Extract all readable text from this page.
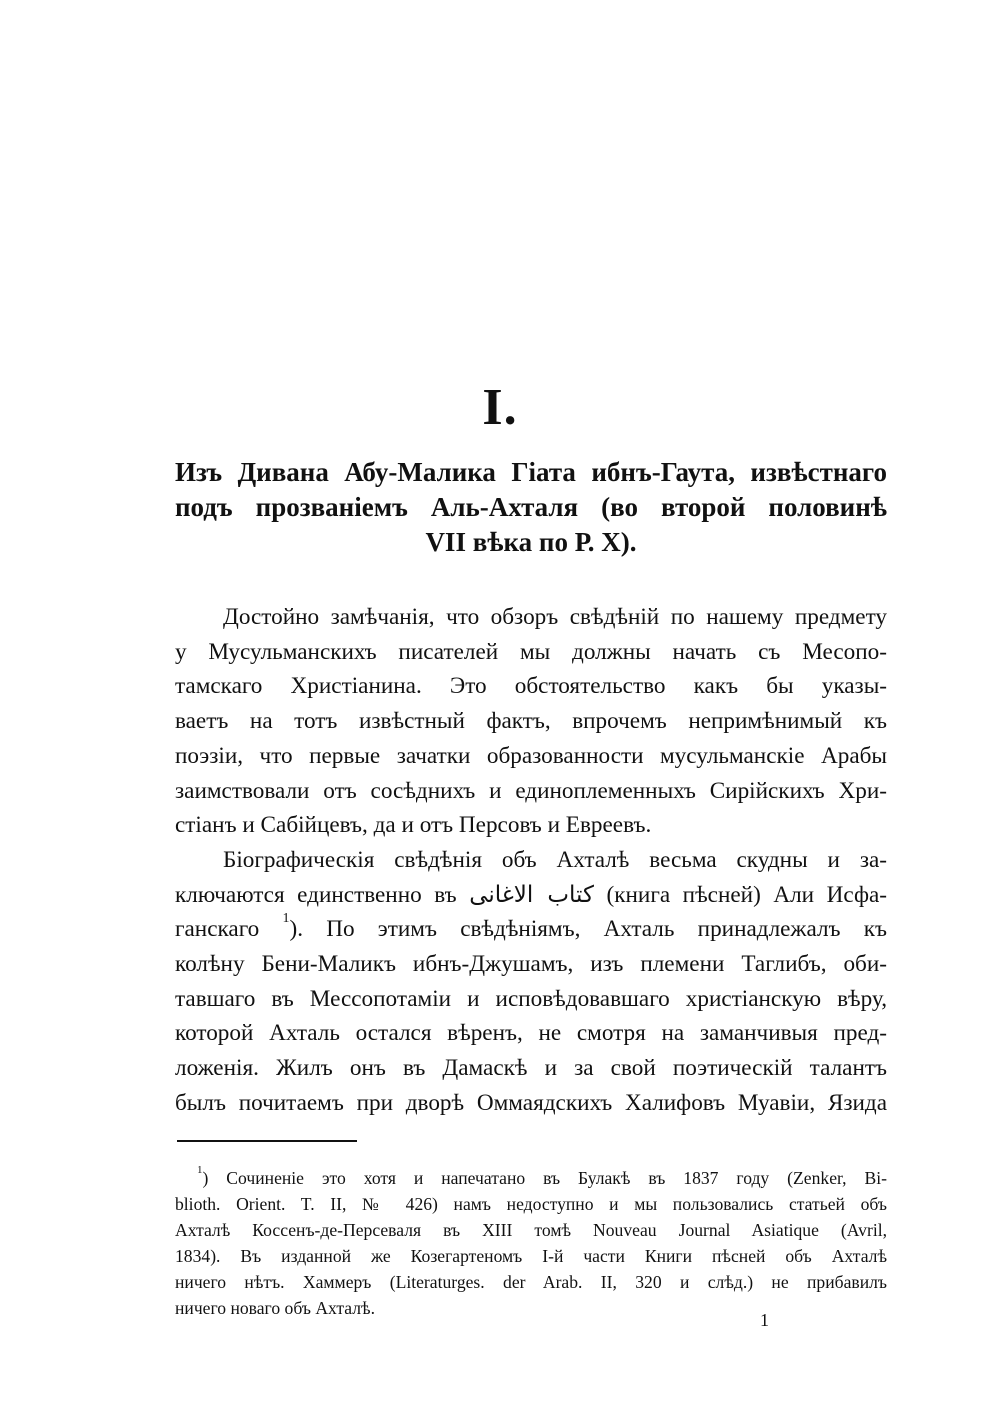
I.
Изъ Дивана Абу-Малика Гіата ибнъ-Гаута, извѣстнаго
подъ прозваніемъ Аль-Ахталя (во второй половинѣ
VII вѣка по Р. X).
Достойно замѣчанія, что обзоръ свѣдѣній по нашему предмету
у Мусульманскихъ писателей мы должны начать съ Месопо-
тамскаго Христіанина. Это обстоятельство какъ бы указы-
ваетъ на тотъ извѣстный фактъ, впрочемъ непримѣнимый къ
поэзіи, что первые зачатки образованности мусульманскіе Арабы
заимствовали отъ сосѣднихъ и единоплеменныхъ Сирійскихъ Хри-
стіанъ и Сабійцевъ, да и отъ Персовъ и Евреевъ.
Біографическія свѣдѣнія объ Ахталѣ весьма скудны и за-
ключаются единственно въ كتاب الاغانى (книга пѣсней) Али Исфа-
ганскаго $^1$). По этимъ свѣдѣніямъ, Ахталь принадлежалъ къ
колѣну Бени-Маликъ ибнъ-Джушамъ, изъ племени Таглибъ, оби-
тавшаго въ Мессопотаміи и исповѣдовавшаго христіанскую вѣру,
которой Ахталь остался вѣренъ, не смотря на заманчивыя пред-
ложенія. Жилъ онъ въ Дамаскѣ и за свой поэтическій талантъ
былъ почитаемъ при дворѣ Оммаядскихъ Халифовъ Муавіи, Язида
$^1$) Сочиненіе это хотя и напечатано въ Булакѣ въ 1837 году (Zenker, Bi-
blioth. Orient. T. II, № 426) намъ недоступно и мы пользовались статьей объ
Ахталѣ Коссенъ-де-Персеваля въ XIII томѣ Nouveau Journal Asiatique (Avril,
1834). Въ изданной же Козегартеномъ I-й части Книги пѣсней объ Ахталѣ
ничего нѣтъ. Хаммеръ (Literaturges. der Arab. II, 320 и слѣд.) не прибавилъ
ничего новаго объ Ахталѣ.
1
